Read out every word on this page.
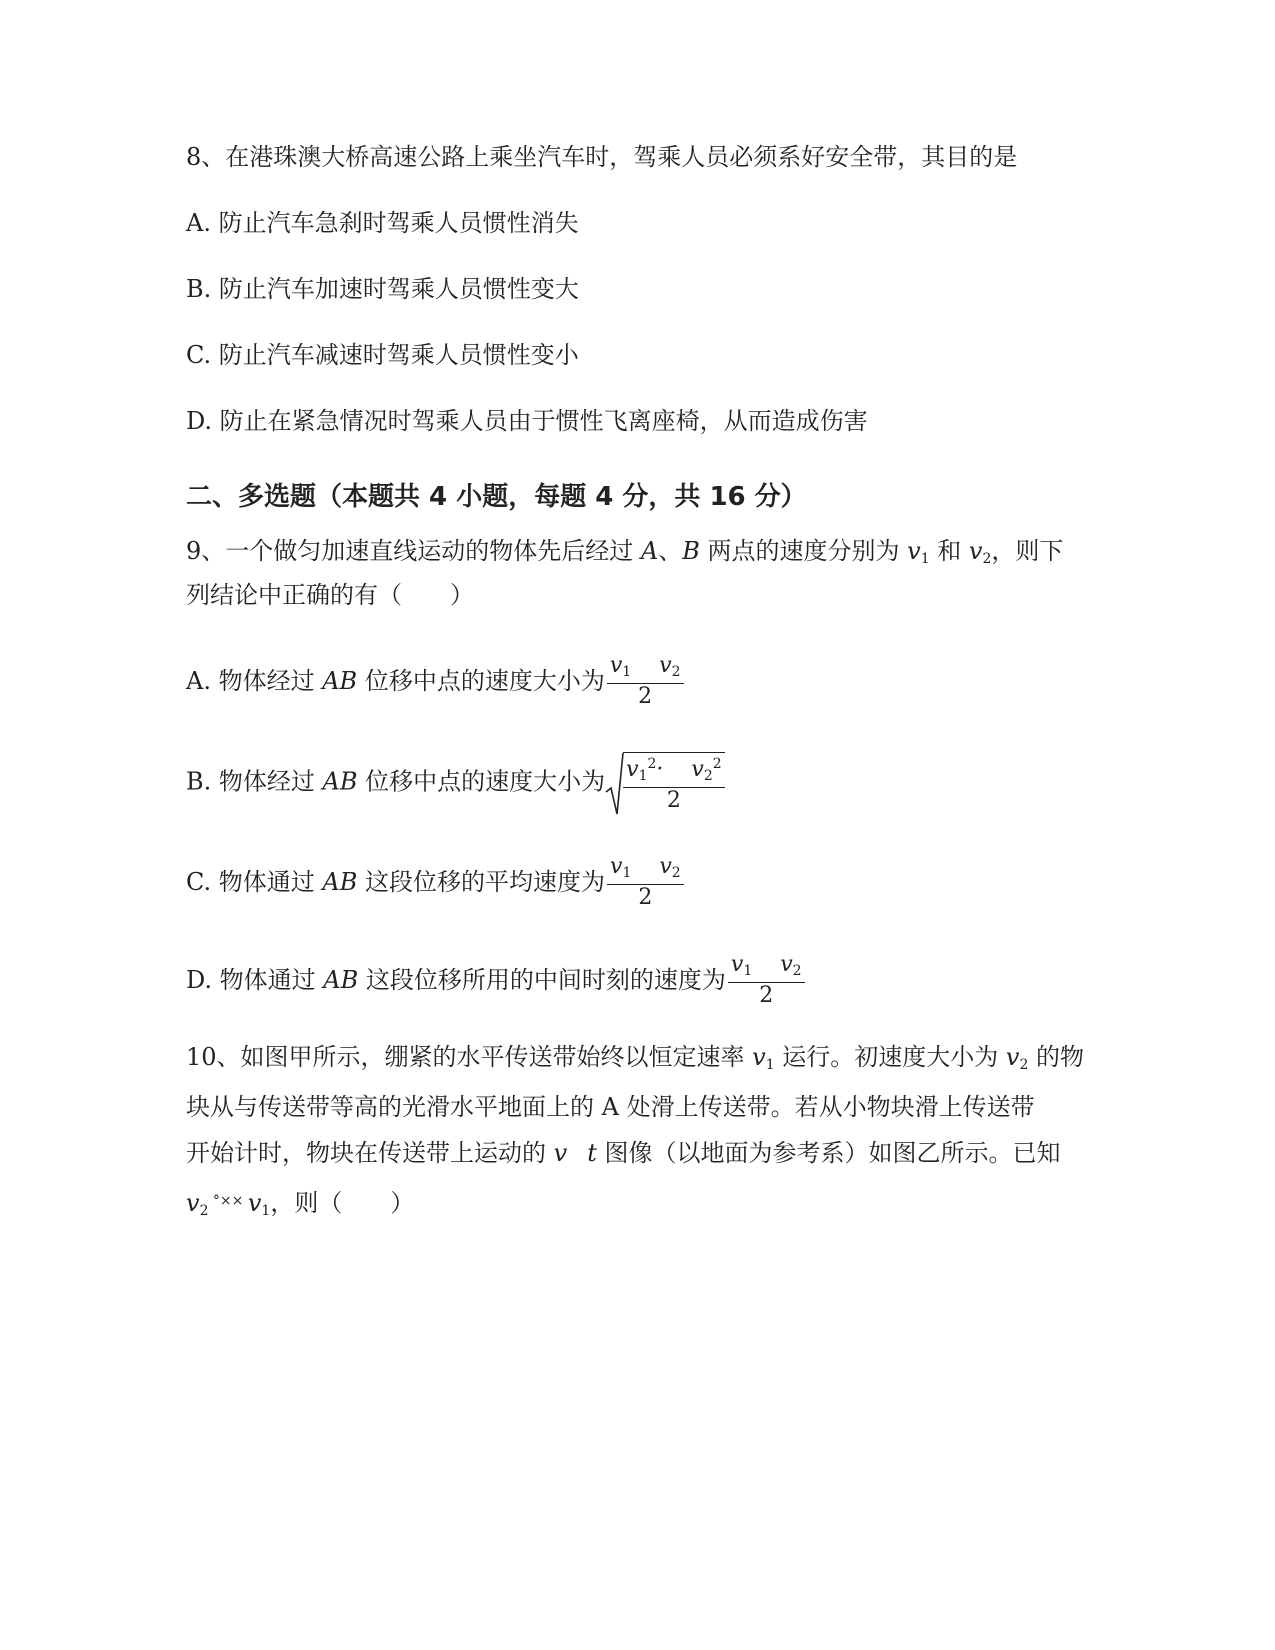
8、在港珠澳大桥高速公路上乘坐汽车时，驾乘人员必须系好安全带，其目的是
A. 防止汽车急刹时驾乘人员惯性消失
B. 防止汽车加速时驾乘人员惯性变大
C. 防止汽车减速时驾乘人员惯性变小
D. 防止在紧急情况时驾乘人员由于惯性飞离座椅，从而造成伤害
二、多选题（本题共 4 小题，每题 4 分，共 16 分）
9、一个做匀加速直线运动的物体先后经过 A、B 两点的速度分别为 $v_1$ 和 $v_2$，则下
列结论中正确的有（　　）
A. 物体经过 AB 位移中点的速度大小为 $\frac{v_1 v_2}{2}$
B. 物体经过 AB 位移中点的速度大小为 $\frac{v_1^2\cdot v_2^2}{2}$
C. 物体通过 AB 这段位移的平均速度为 $\frac{v_1 v_2}{2}$
D. 物体通过 AB 这段位移所用的中间时刻的速度为 $\frac{v_1 v_2}{2}$
10、如图甲所示，绷紧的水平传送带始终以恒定速率 $v_1$ 运行。初速度大小为 $v_2$ 的物
块从与传送带等高的光滑水平地面上的 A 处滑上传送带。若从小物块滑上传送带
开始计时，物块在传送带上运动的 v t 图像（以地面为参考系）如图乙所示。已知
$v_2$ °×× $v_1$，则（　　）
